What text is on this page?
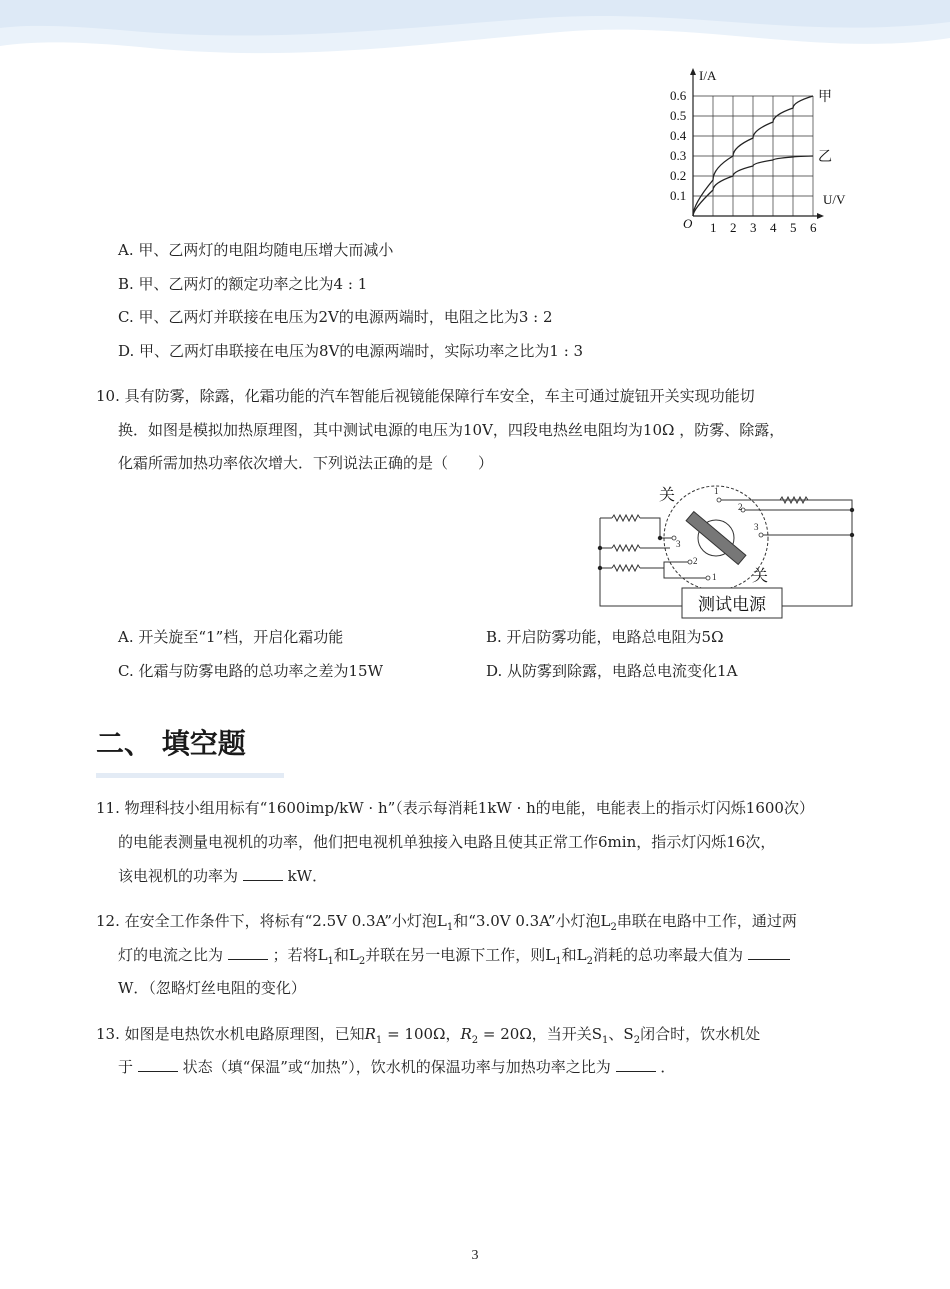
甲
乙
0.1
0.2
0.3
0.4
0.5
0.6
1 2 3 4 5 6
O
I/A
U/V
A. 甲、乙两灯的电阻均随电压增大而减小
B. 甲、乙两灯的额定功率之比为4 : 1
C. 甲、乙两灯并联接在电压为2V的电源两端时，电阻之比为3 : 2
D. 甲、乙两灯串联接在电压为8V的电源两端时，实际功率之比为1 : 3
10. 具有防雾，除露，化霜功能的汽车智能后视镜能保障行车安全，车主可通过旋钮开关实现功能切
换．如图是模拟加热原理图，其中测试电源的电压为10V，四段电热丝电阻均为10Ω ，防雾、除露，
化霜所需加热功率依次增大．下列说法正确的是（　　）
1
2
3
3
2
1
关
关
测试电源
A. 开关旋至“1”档，开启化霜功能	B. 开启防雾功能，电路总电阻为5Ω
C. 化霜与防雾电路的总功率之差为15W	D. 从防雾到除露，电路总电流变化1A
二、 填空题
11. 物理科技小组用标有“1600imp/kW · h”（表示每消耗1kW · h的电能，电能表上的指示灯闪烁1600次）
的电能表测量电视机的功率，他们把电视机单独接入电路且使其正常工作6min，指示灯闪烁16次，
该电视机的功率为	kW．
12. 在安全工作条件下，将标有“2.5V 0.3A”小灯泡$L_1$和“3.0V 0.3A”小灯泡$L_2$串联在电路中工作，通过两
灯的电流之比为	；若将$L_1$和$L_2$并联在另一电源下工作，则$L_1$和$L_2$消耗的总功率最大值为
W．（忽略灯丝电阻的变化）
13. 如图是电热饮水机电路原理图，已知$R_1 = 100\Omega$，$R_2 = 20\Omega$，当开关$S_1$、$S_2$闭合时，饮水机处
于	状态（填“保温”或“加热”），饮水机的保温功率与加热功率之比为	．
3
